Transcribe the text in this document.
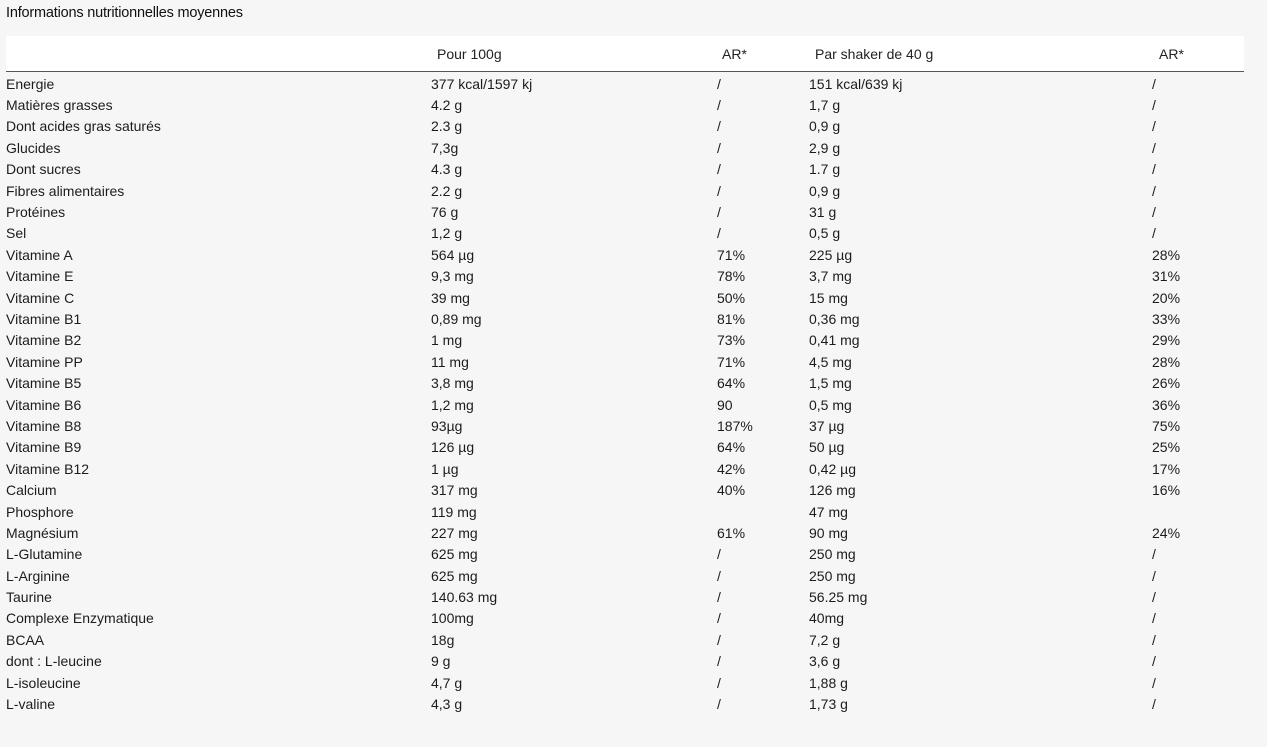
Informations nutritionnelles moyennes
	Pour 100g	AR*	Par shaker de 40 g	AR*
Energie	377 kcal/1597 kj	/	151 kcal/639 kj	/
Matières grasses	4.2 g	/	1,7 g	/
Dont acides gras saturés	2.3 g	/	0,9 g	/
Glucides	7,3g	/	2,9 g	/
Dont sucres	4.3 g	/	1.7 g	/
Fibres alimentaires	2.2 g	/	0,9 g	/
Protéines	76 g	/	31 g	/
Sel	1,2 g	/	0,5 g	/
Vitamine A	564 µg	71%	225 µg	28%
Vitamine E	9,3 mg	78%	3,7 mg	31%
Vitamine C	39 mg	50%	15 mg	20%
Vitamine B1	0,89 mg	81%	0,36 mg	33%
Vitamine B2	1 mg	73%	0,41 mg	29%
Vitamine PP	11 mg	71%	4,5 mg	28%
Vitamine B5	3,8 mg	64%	1,5 mg	26%
Vitamine B6	1,2 mg	90	0,5 mg	36%
Vitamine B8	93µg	187%	37 µg	75%
Vitamine B9	126 µg	64%	50 µg	25%
Vitamine B12	1 µg	42%	0,42 µg	17%
Calcium	317 mg	40%	126 mg	16%
Phosphore	119 mg		47 mg	
Magnésium	227 mg	61%	90 mg	24%
L-Glutamine	625 mg	/	250 mg	/
L-Arginine	625 mg	/	250 mg	/
Taurine	140.63 mg	/	56.25 mg	/
Complexe Enzymatique	100mg	/	40mg	/
BCAA	18g	/	7,2 g	/
dont : L-leucine	9 g	/	3,6 g	/
L-isoleucine	4,7 g	/	1,88 g	/
L-valine	4,3 g	/	1,73 g	/
